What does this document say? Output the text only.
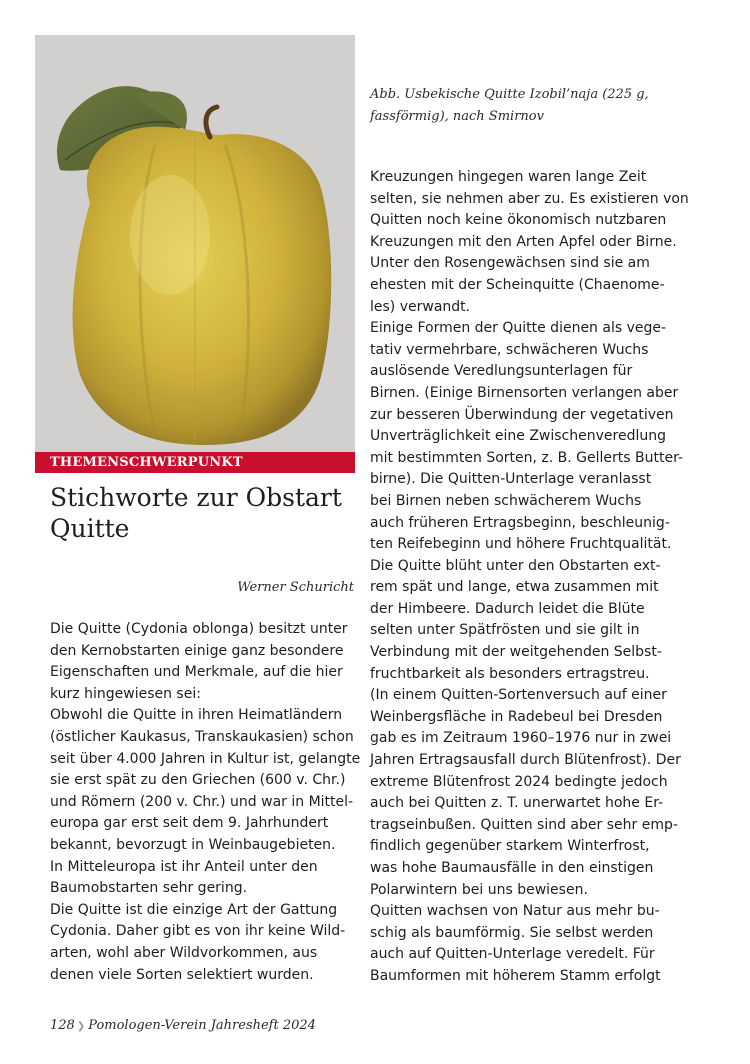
THEMENSCHWERPUNKT
Stichworte zur Obstart
Quitte
Werner Schuricht
Abb. Usbekische Quitte Izobil’naja (225 g,
fassförmig), nach Smirnov
Die Quitte (Cydonia oblonga) besitzt unter
den Kernobstarten einige ganz besondere
Eigenschaften und Merkmale, auf die hier
kurz hingewiesen sei:
Obwohl die Quitte in ihren Heimatländern
(östlicher Kaukasus, Transkaukasien) schon
seit über 4.000 Jahren in Kultur ist, gelangte
sie erst spät zu den Griechen (600 v. Chr.)
und Römern (200 v. Chr.) und war in Mittel-
europa gar erst seit dem 9. Jahrhundert
bekannt, bevorzugt in Weinbaugebieten.
In Mitteleuropa ist ihr Anteil unter den
Baumobstarten sehr gering.
Die Quitte ist die einzige Art der Gattung
Cydonia. Daher gibt es von ihr keine Wild-
arten, wohl aber Wildvorkommen, aus
denen viele Sorten selektiert wurden.
Kreuzungen hingegen waren lange Zeit
selten, sie nehmen aber zu. Es existieren von
Quitten noch keine ökonomisch nutzbaren
Kreuzungen mit den Arten Apfel oder Birne.
Unter den Rosengewächsen sind sie am
ehesten mit der Scheinquitte (Chaenome-
les) verwandt.
Einige Formen der Quitte dienen als vege-
tativ vermehrbare, schwächeren Wuchs
auslösende Veredlungsunterlagen für
Birnen. (Einige Birnensorten verlangen aber
zur besseren Überwindung der vegetativen
Unverträglichkeit eine Zwischenveredlung
mit bestimmten Sorten, z. B. Gellerts Butter-
birne). Die Quitten-Unterlage veranlasst
bei Birnen neben schwächerem Wuchs
auch früheren Ertragsbeginn, beschleunig-
ten Reifebeginn und höhere Fruchtqualität.
Die Quitte blüht unter den Obstarten ext-
rem spät und lange, etwa zusammen mit
der Himbeere. Dadurch leidet die Blüte
selten unter Spätfrösten und sie gilt in
Verbindung mit der weitgehenden Selbst-
fruchtbarkeit als besonders ertragstreu.
(In einem Quitten-Sortenversuch auf einer
Weinbergsfläche in Radebeul bei Dresden
gab es im Zeitraum 1960–1976 nur in zwei
Jahren Ertragsausfall durch Blütenfrost). Der
extreme Blütenfrost 2024 bedingte jedoch
auch bei Quitten z. T. unerwartet hohe Er-
tragseinbußen. Quitten sind aber sehr emp-
findlich gegenüber starkem Winterfrost,
was hohe Baumausfälle in den einstigen
Polarwintern bei uns bewiesen.
Quitten wachsen von Natur aus mehr bu-
schig als baumförmig. Sie selbst werden
auch auf Quitten-Unterlage veredelt. Für
Baumformen mit höherem Stamm erfolgt
128 ❯ Pomologen-Verein Jahresheft 2024
